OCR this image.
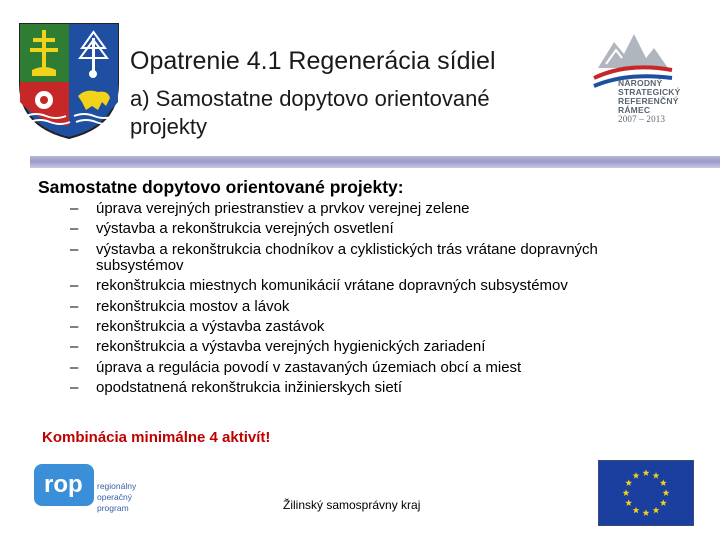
Opatrenie 4.1 Regenerácia sídiel
a) Samostatne dopytovo orientované projekty
NÁRODNÝ
STRATEGICKÝ
REFERENČNÝ
RÁMEC
2007 – 2013
Samostatne dopytovo orientované projekty:
– úprava verejných priestranstiev a prvkov verejnej zelene
– výstavba a rekonštrukcia verejných osvetlení
– výstavba a rekonštrukcia chodníkov a cyklistických trás vrátane dopravných subsystémov
– rekonštrukcia miestnych komunikácií vrátane dopravných subsystémov
– rekonštrukcia mostov a lávok
– rekonštrukcia a výstavba zastávok
– rekonštrukcia a výstavba verejných hygienických zariadení
– úprava a regulácia povodí v zastavaných územiach obcí a miest
– opodstatnená rekonštrukcia inžinierskych sietí
Kombinácia minimálne 4 aktivít!
rop regionálny
operačný
program	Žilinský samosprávny kraj
